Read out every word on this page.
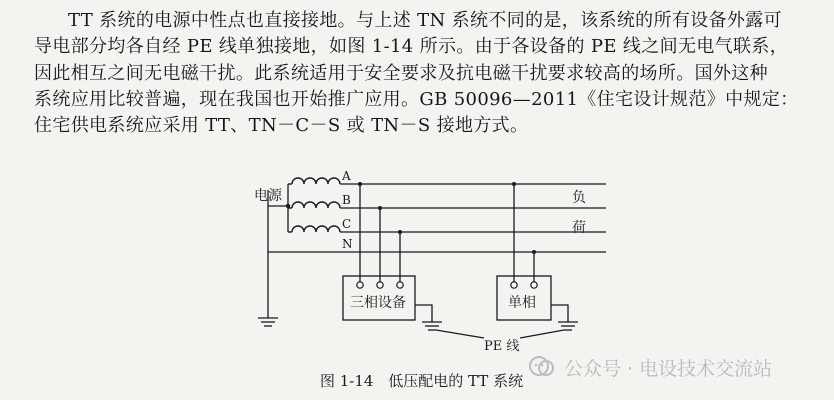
TT 系统的电源中性点也直接接地。与上述 TN 系统不同的是，该系统的所有设备外露可
导电部分均各自经 PE 线单独接地，如图 1-14 所示。由于各设备的 PE 线之间无电气联系，
因此相互之间无电磁干扰。此系统适用于安全要求及抗电磁干扰要求较高的场所。国外这种
系统应用比较普遍，现在我国也开始推广应用。GB 50096—2011《住宅设计规范》中规定：
住宅供电系统应采用 TT、TN－C－S 或 TN－S 接地方式。
电源
A
B
C
N
负
荷
三相设备	单相
PE 线
图 1-14 低压配电的 TT 系统
公众号 · 电设技术交流站
